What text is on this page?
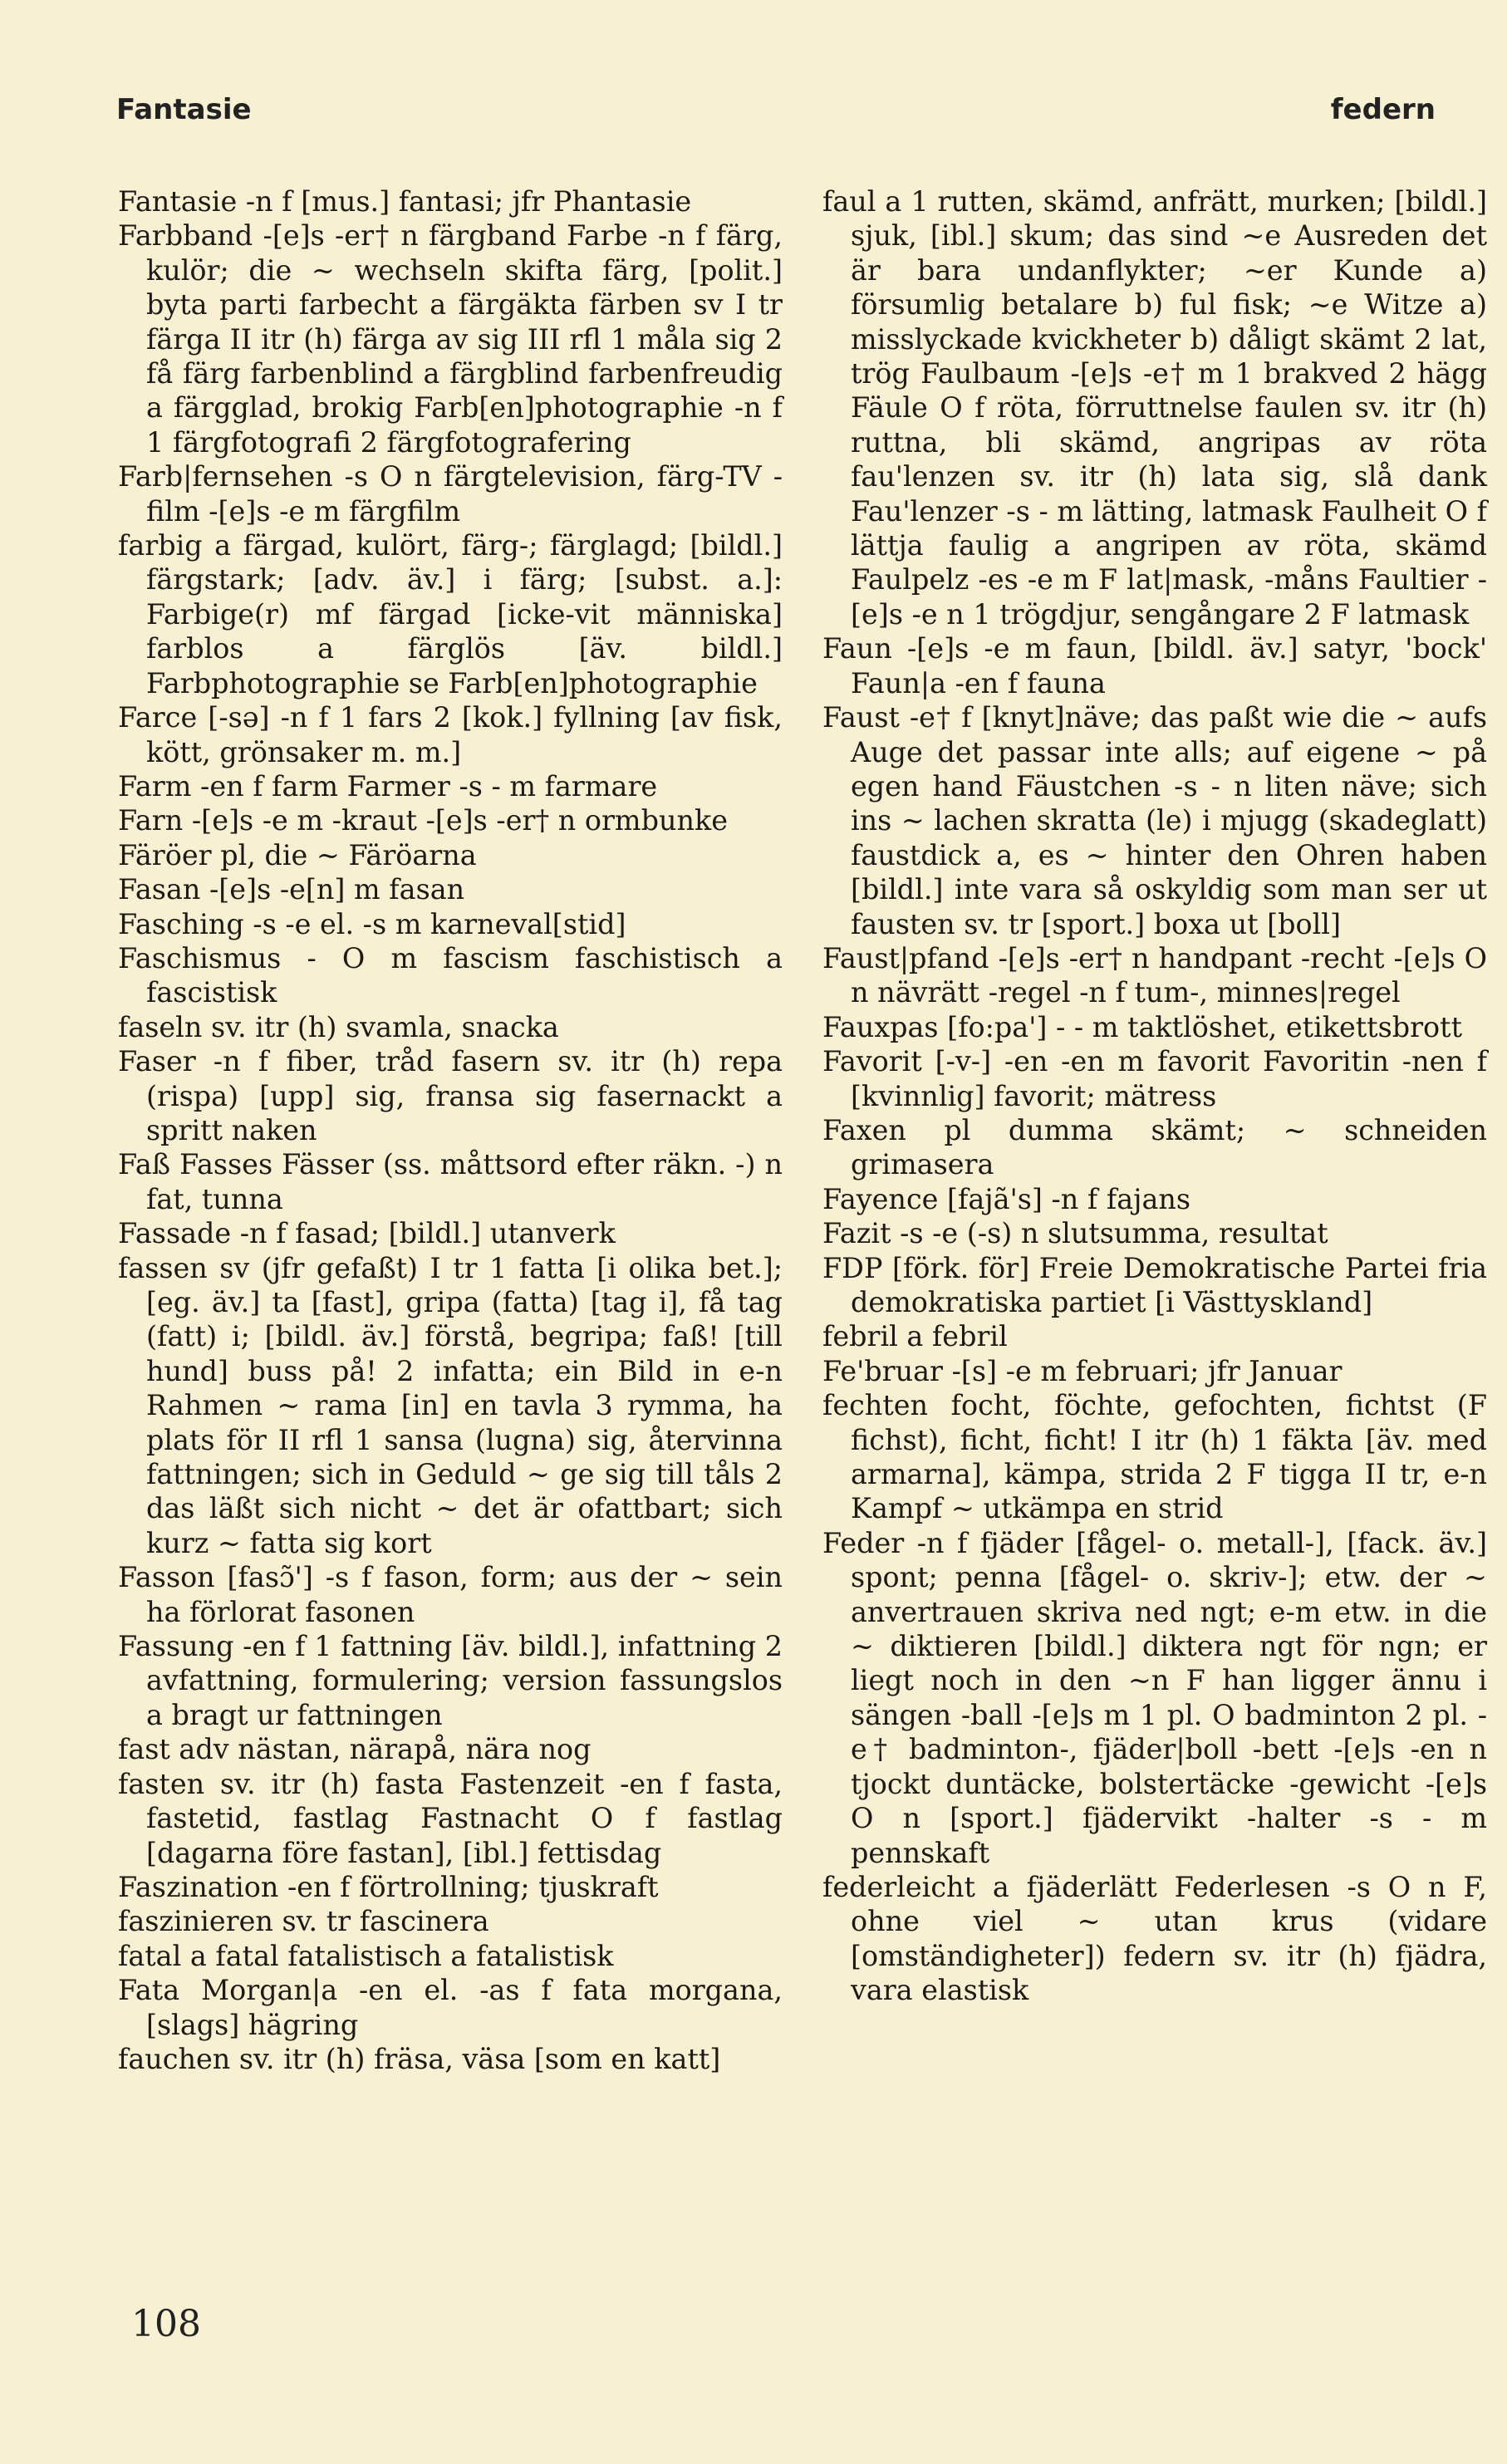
Fantasie	federn

Fantasie -n f [mus.] fantasi; jfr Phantasie

Farbband -[e]s -er† n färgband Farbe -n f färg, kulör; die ~ wechseln skifta färg, [polit.] byta parti farbecht a färgäkta färben sv I tr färga II itr (h) färga av sig III rfl 1 måla sig 2 få färg farbenblind a färgblind farbenfreudig a färgglad, brokig Farb[en]photographie -n f 1 färgfotografi 2 färgfotografering

Farb|fernsehen -s O n färgtelevision, färg-TV -film -[e]s -e m färgfilm

farbig a färgad, kulört, färg-; färglagd; [bildl.] färgstark; [adv. äv.] i färg; [subst. a.]: Farbige(r) mf färgad [icke-vit människa] farblos a färglös [äv. bildl.] Farbphotographie se Farb[en]photographie

Farce [-sə] -n f 1 fars 2 [kok.] fyllning [av fisk, kött, grönsaker m. m.]

Farm -en f farm Farmer -s - m farmare

Farn -[e]s -e m -kraut -[e]s -er† n ormbunke

Färöer pl, die ~ Färöarna

Fasan -[e]s -e[n] m fasan

Fasching -s -e el. -s m karneval[stid]

Faschismus - O m fascism faschistisch a fascistisk

faseln sv. itr (h) svamla, snacka

Faser -n f fiber, tråd fasern sv. itr (h) repa (rispa) [upp] sig, fransa sig fasernackt a spritt naken

Faß Fasses Fässer (ss. måttsord efter räkn. -) n fat, tunna

Fassade -n f fasad; [bildl.] utanverk

fassen sv (jfr gefaßt) I tr 1 fatta [i olika bet.]; [eg. äv.] ta [fast], gripa (fatta) [tag i], få tag (fatt) i; [bildl. äv.] förstå, begripa; faß! [till hund] buss på! 2 infatta; ein Bild in e-n Rahmen ~ rama [in] en tavla 3 rymma, ha plats för II rfl 1 sansa (lugna) sig, återvinna fattningen; sich in Geduld ~ ge sig till tåls 2 das läßt sich nicht ~ det är ofattbart; sich kurz ~ fatta sig kort

Fasson [fasɔ̃'] -s f fason, form; aus der ~ sein ha förlorat fasonen

Fassung -en f 1 fattning [äv. bildl.], infattning 2 avfattning, formulering; version fassungslos a bragt ur fattningen

fast adv nästan, närapå, nära nog

fasten sv. itr (h) fasta Fastenzeit -en f fasta, fastetid, fastlag Fastnacht O f fastlag [dagarna före fastan], [ibl.] fettisdag

Faszination -en f förtrollning; tjuskraft

faszinieren sv. tr fascinera

fatal a fatal fatalistisch a fatalistisk

Fata Morgan|a -en el. -as f fata morgana, [slags] hägring

fauchen sv. itr (h) fräsa, väsa [som en katt]

faul a 1 rutten, skämd, anfrätt, murken; [bildl.] sjuk, [ibl.] skum; das sind ~e Ausreden det är bara undanflykter; ~er Kunde a) försumlig betalare b) ful fisk; ~e Witze a) misslyckade kvickheter b) dåligt skämt 2 lat, trög Faulbaum -[e]s -e† m 1 brakved 2 hägg Fäule O f röta, förruttnelse faulen sv. itr (h) ruttna, bli skämd, angripas av röta fau'lenzen sv. itr (h) lata sig, slå dank Fau'lenzer -s - m lätting, latmask Faulheit O f lättja faulig a angripen av röta, skämd Faulpelz -es -e m F lat|mask, -måns Faultier -[e]s -e n 1 trögdjur, sengångare 2 F latmask

Faun -[e]s -e m faun, [bildl. äv.] satyr, 'bock' Faun|a -en f fauna

Faust -e† f [knyt]näve; das paßt wie die ~ aufs Auge det passar inte alls; auf eigene ~ på egen hand Fäustchen -s - n liten näve; sich ins ~ lachen skratta (le) i mjugg (skadeglatt) faustdick a, es ~ hinter den Ohren haben [bildl.] inte vara så oskyldig som man ser ut fausten sv. tr [sport.] boxa ut [boll]

Faust|pfand -[e]s -er† n handpant -recht -[e]s O n nävrätt -regel -n f tum-, minnes|regel

Fauxpas [fo:pa'] - - m taktlöshet, etikettsbrott

Favorit [-v-] -en -en m favorit Favoritin -nen f [kvinnlig] favorit; mätress

Faxen pl dumma skämt; ~ schneiden grimasera

Fayence [fajã's] -n f fajans

Fazit -s -e (-s) n slutsumma, resultat

FDP [förk. för] Freie Demokratische Partei fria demokratiska partiet [i Västtyskland]

febril a febril

Fe'bruar -[s] -e m februari; jfr Januar

fechten focht, föchte, gefochten, fichtst (F fichst), ficht, ficht! I itr (h) 1 fäkta [äv. med armarna], kämpa, strida 2 F tigga II tr, e-n Kampf ~ utkämpa en strid

Feder -n f fjäder [fågel- o. metall-], [fack. äv.] spont; penna [fågel- o. skriv-]; etw. der ~ anvertrauen skriva ned ngt; e-m etw. in die ~ diktieren [bildl.] diktera ngt för ngn; er liegt noch in den ~n F han ligger ännu i sängen -ball -[e]s m 1 pl. O badminton 2 pl. -e† badminton-, fjäder|boll -bett -[e]s -en n tjockt duntäcke, bolstertäcke -gewicht -[e]s O n [sport.] fjädervikt -halter -s - m pennskaft

federleicht a fjäderlätt Federlesen -s O n F, ohne viel ~ utan krus (vidare [omständigheter]) federn sv. itr (h) fjädra, vara elastisk

108
